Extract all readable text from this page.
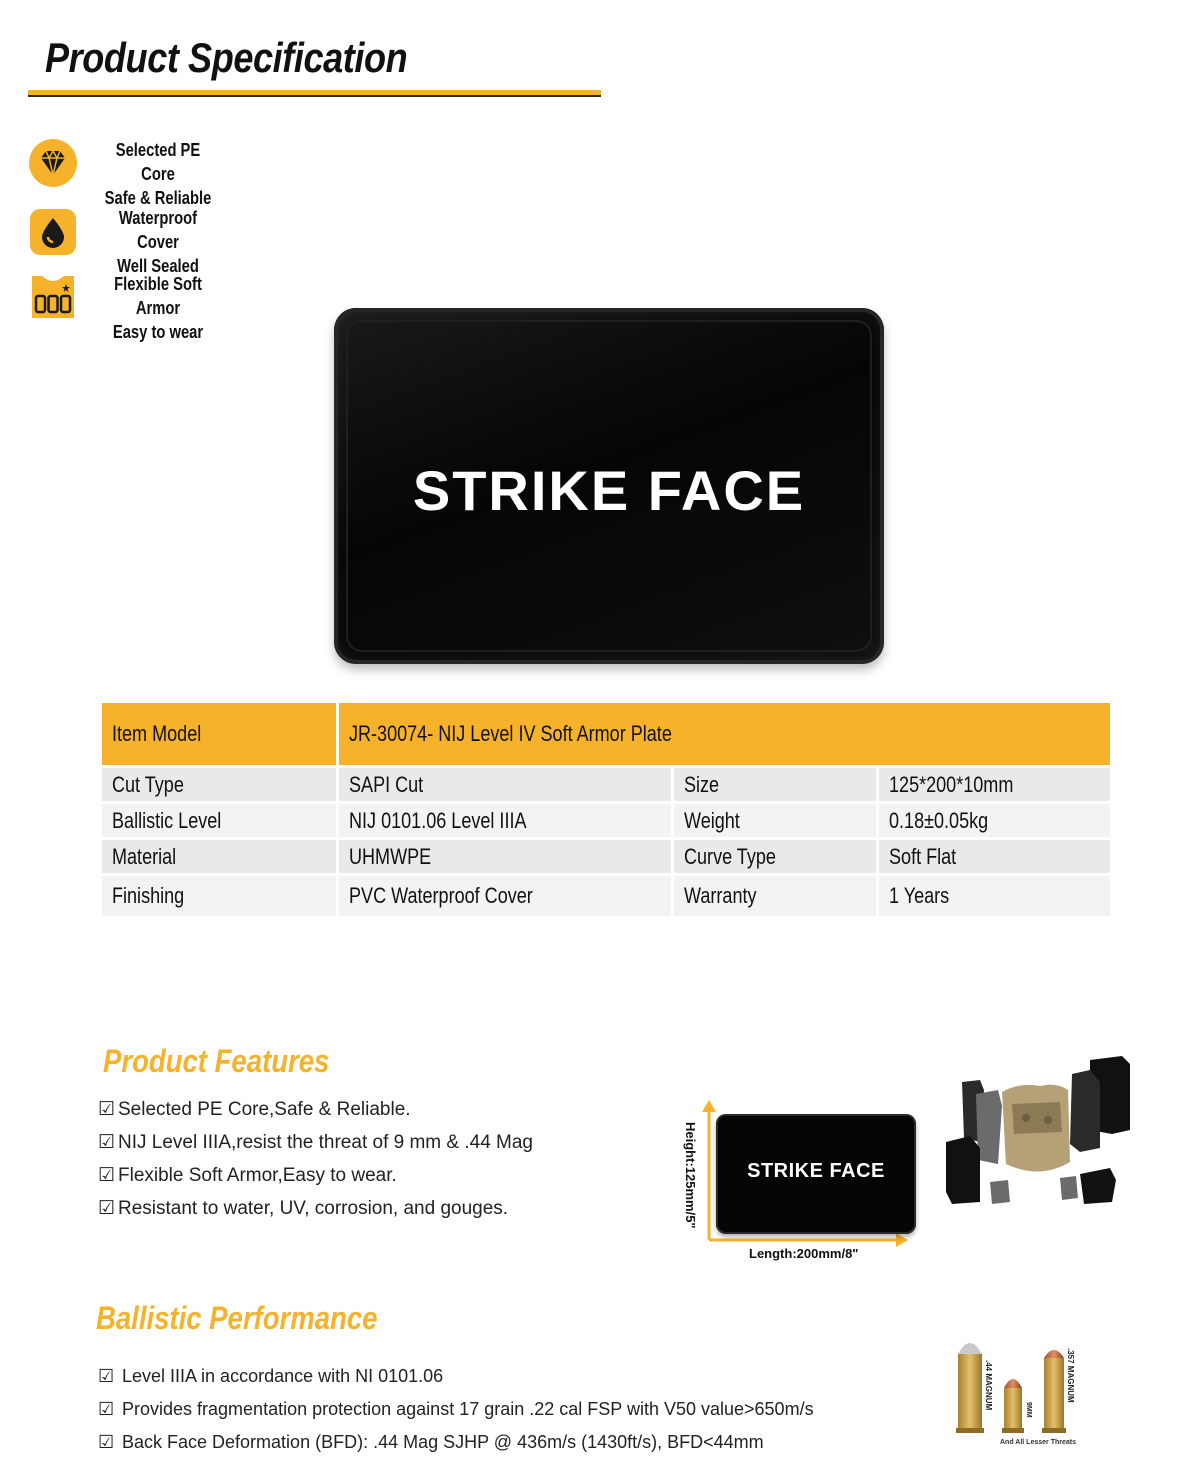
Product Specification
Selected PE Core
Safe & Reliable
Waterproof Cover
Well Sealed
Flexible Soft Armor
Easy to wear
STRIKE FACE
Item Model	JR-30074- NIJ Level IV Soft Armor Plate		
Cut Type	SAPI Cut	Size	125*200*10mm
Ballistic Level	NIJ 0101.06 Level IIIA	Weight	0.18±0.05kg
Material	UHMWPE	Curve Type	Soft Flat
Finishing	PVC Waterproof Cover	Warranty	1 Years
Product Features
☑ Selected PE Core,Safe & Reliable.
☑ NIJ Level IIIA,resist the threat of 9 mm & .44 Mag
☑ Flexible Soft Armor,Easy to wear.
☑ Resistant to water, UV, corrosion, and gouges.
STRIKE FACE
Height:125mm/5"
Length:200mm/8"
Ballistic Performance
☑ Level IIIA in accordance with NI 0101.06
☑ Provides fragmentation protection against 17 grain .22 cal FSP with V50 value>650m/s
☑ Back Face Deformation (BFD): .44 Mag SJHP @ 436m/s (1430ft/s), BFD<44mm
.44 MAGNUM	9MM
.357 MAGNUM
And All Lesser Threats
